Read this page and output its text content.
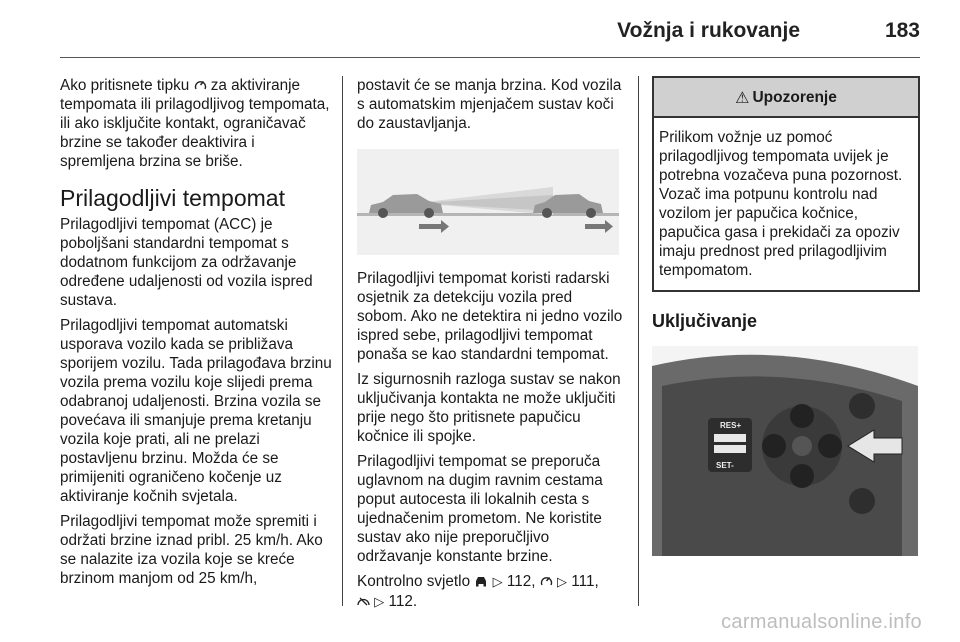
Vožnja i rukovanje	183

Ako pritisnete tipku  za aktiviranje tempomata ili prilagodljivog tempomata, ili ako isključite kontakt, ograničavač brzine se također deaktivira i spremljena brzina se briše.

Prilagodljivi tempomat

Prilagodljivi tempomat (ACC) je poboljšani standardni tempomat s dodatnom funkcijom za održavanje određene udaljenosti od vozila ispred sustava.

Prilagodljivi tempomat automatski usporava vozilo kada se približava sporijem vozilu. Tada prilagođava brzinu vozila prema vozilu koje slijedi prema odabranoj udaljenosti. Brzina vozila se povećava ili smanjuje prema kretanju vozila koje prati, ali ne prelazi postavljenu brzinu. Možda će se primijeniti ograničeno kočenje uz aktiviranje kočnih svjetala.

Prilagodljivi tempomat može spremiti i održati brzine iznad pribl. 25 km/h. Ako se nalazite iza vozila koje se kreće brzinom manjom od 25 km/h,

postavit će se manja brzina. Kod vozila s automatskim mjenjačem sustav koči do zaustavljanja.

Prilagodljivi tempomat koristi radarski osjetnik za detekciju vozila pred sobom. Ako ne detektira ni jedno vozilo ispred sebe, prilagodljivi tempomat ponaša se kao standardni tempomat.

Iz sigurnosnih razloga sustav se nakon uključivanja kontakta ne može uključiti prije nego što pritisnete papučicu kočnice ili spojke.

Prilagodljivi tempomat se preporuča uglavnom na dugim ravnim cestama poput autocesta ili lokalnih cesta s ujednačenim prometom. Ne koristite sustav ako nije preporučljivo održavanje konstante brzine.

Kontrolno svjetlo ▷ 112,  ▷ 111,
▷ 112.

⚠ Upozorenje
Prilikom vožnje uz pomoć prilagodljivog tempomata uvijek je potrebna vozačeva puna pozornost. Vozač ima potpunu kontrolu nad vozilom jer papučica kočnice, papučica gasa i prekidači za opoziv imaju prednost pred prilagodljivim tempomatom.
Uključivanje
RES+
SET-
carmanualsonline.info
